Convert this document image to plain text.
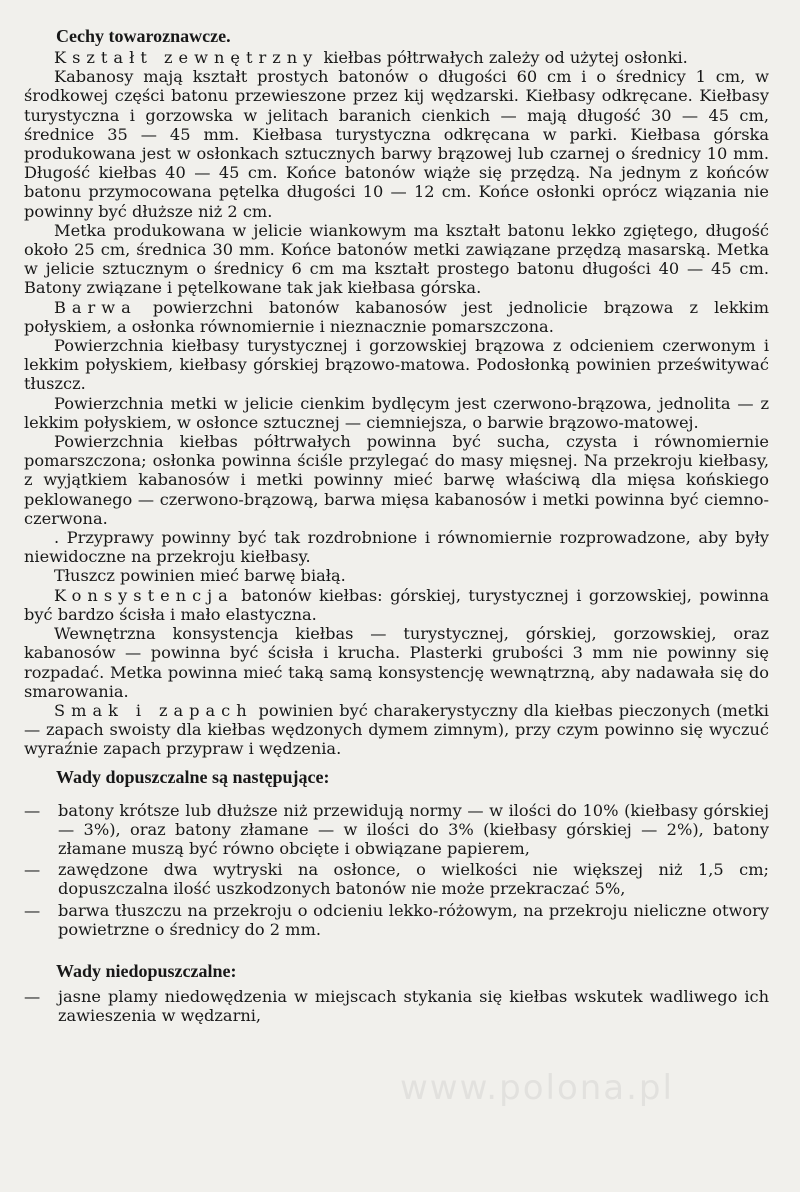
Cechy towaroznawcze.

Kształt zewnętrzny kiełbas półtrwałych zależy od użytej osłonki.

Kabanosy mają kształt prostych batonów o długości 60 cm i o średnicy 1 cm, w środkowej części batonu przewieszone przez kij wędzarski. Kiełbasy odkręcane. Kiełbasy turystyczna i gorzowska w jelitach baranich cienkich — mają długość 30 — 45 cm, średnice 35 — 45 mm. Kiełbasa turystyczna odkręcana w parki. Kiełbasa górska produkowana jest w osłonkach sztucznych barwy brązowej lub czarnej o średnicy 10 mm. Długość kiełbas 40 — 45 cm. Końce batonów wiąże się przędzą. Na jednym z końców batonu przymocowana pętelka długości 10 — 12 cm. Końce osłonki oprócz wiązania nie powinny być dłuższe niż 2 cm.

Metka produkowana w jelicie wiankowym ma kształt batonu lekko zgiętego, długość około 25 cm, średnica 30 mm. Końce batonów metki zawiązane przędzą masarską. Metka w jelicie sztucznym o średnicy 6 cm ma kształt prostego batonu długości 40 — 45 cm. Batony związane i pętelkowane tak jak kiełbasa górska.

Barwa powierzchni batonów kabanosów jest jednolicie brązowa z lekkim połyskiem, a osłonka równomiernie i nieznacznie pomarszczona.

Powierzchnia kiełbasy turystycznej i gorzowskiej brązowa z odcieniem czerwonym i lekkim połyskiem, kiełbasy górskiej brązowo-matowa. Podosłonką powinien prześwitywać tłuszcz.

Powierzchnia metki w jelicie cienkim bydlęcym jest czerwono-brązowa, jednolita — z lekkim połyskiem, w osłonce sztucznej — ciemniejsza, o barwie brązowo-matowej.

Powierzchnia kiełbas półtrwałych powinna być sucha, czysta i równomiernie pomarszczona; osłonka powinna ściśle przylegać do masy mięsnej. Na przekroju kiełbasy, z wyjątkiem kabanosów i metki powinny mieć barwę właściwą dla mięsa końskiego peklowanego — czerwono-brązową, barwa mięsa kabanosów i metki powinna być ciemno-czerwona.

. Przyprawy powinny być tak rozdrobnione i równomiernie rozprowadzone, aby były niewidoczne na przekroju kiełbasy.

Tłuszcz powinien mieć barwę białą.

Konsystencja batonów kiełbas: górskiej, turystycznej i gorzowskiej, powinna być bardzo ścisła i mało elastyczna.

Wewnętrzna konsystencja kiełbas — turystycznej, górskiej, gorzowskiej, oraz kabanosów — powinna być ścisła i krucha. Plasterki grubości 3 mm nie powinny się rozpadać. Metka powinna mieć taką samą konsystencję wewnątrzną, aby nadawała się do smarowania.

Smak i zapach powinien być charakerystyczny dla kiełbas pieczonych (metki — zapach swoisty dla kiełbas wędzonych dymem zimnym), przy czym powinno się wyczuć wyraźnie zapach przypraw i wędzenia.

Wady dopuszczalne są następujące:
— batony krótsze lub dłuższe niż przewidują normy — w ilości do 10% (kiełbasy górskiej — 3%), oraz batony złamane — w ilości do 3% (kiełbasy górskiej — 2%), batony złamane muszą być równo obcięte i obwiązane papierem,
— zawędzone dwa wytryski na osłonce, o wielkości nie większej niż 1,5 cm; dopuszczalna ilość uszkodzonych batonów nie może przekraczać 5%,
— barwa tłuszczu na przekroju o odcieniu lekko-różowym, na przekroju nieliczne otwory powietrzne o średnicy do 2 mm.
Wady niedopuszczalne:
— jasne plamy niedowędzenia w miejscach stykania się kiełbas wskutek wadliwego ich zawieszenia w wędzarni,
www.polona.pl
